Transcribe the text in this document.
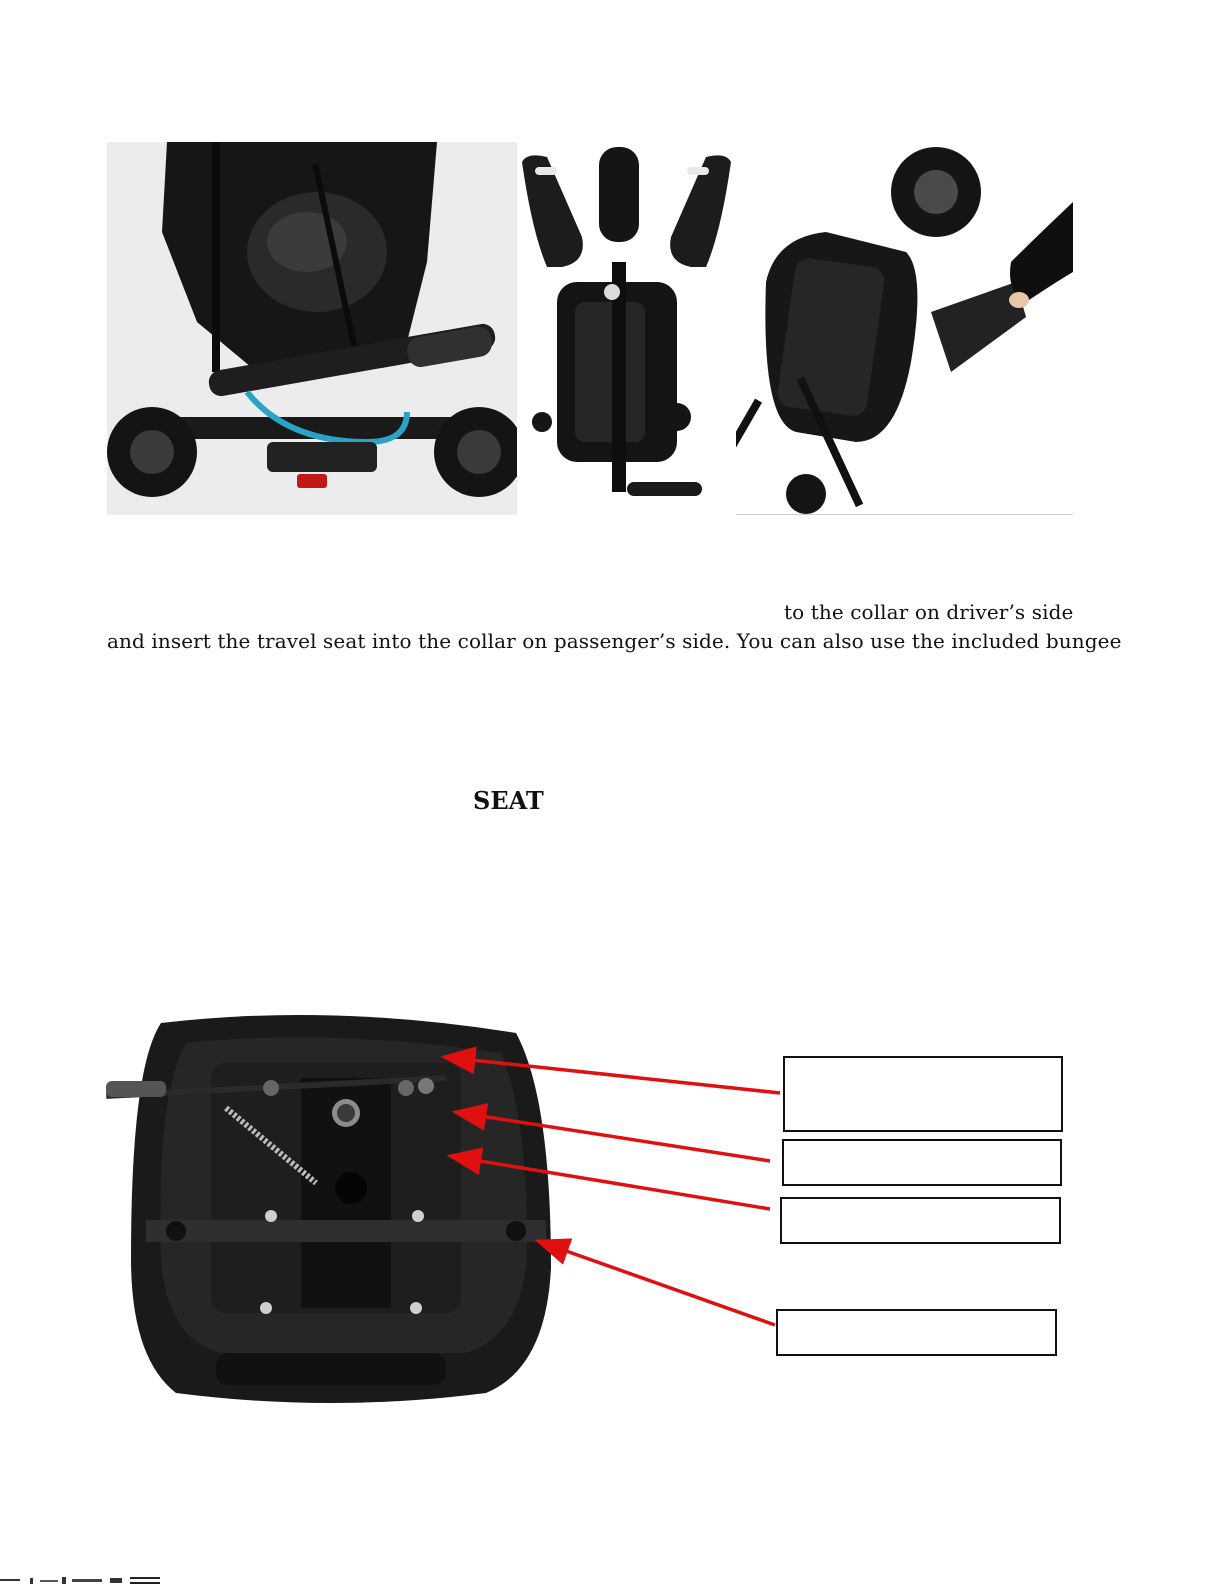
to the collar on driver’s side
and insert the travel seat into the collar on passenger’s side. You can also use the included bungee
SEAT
